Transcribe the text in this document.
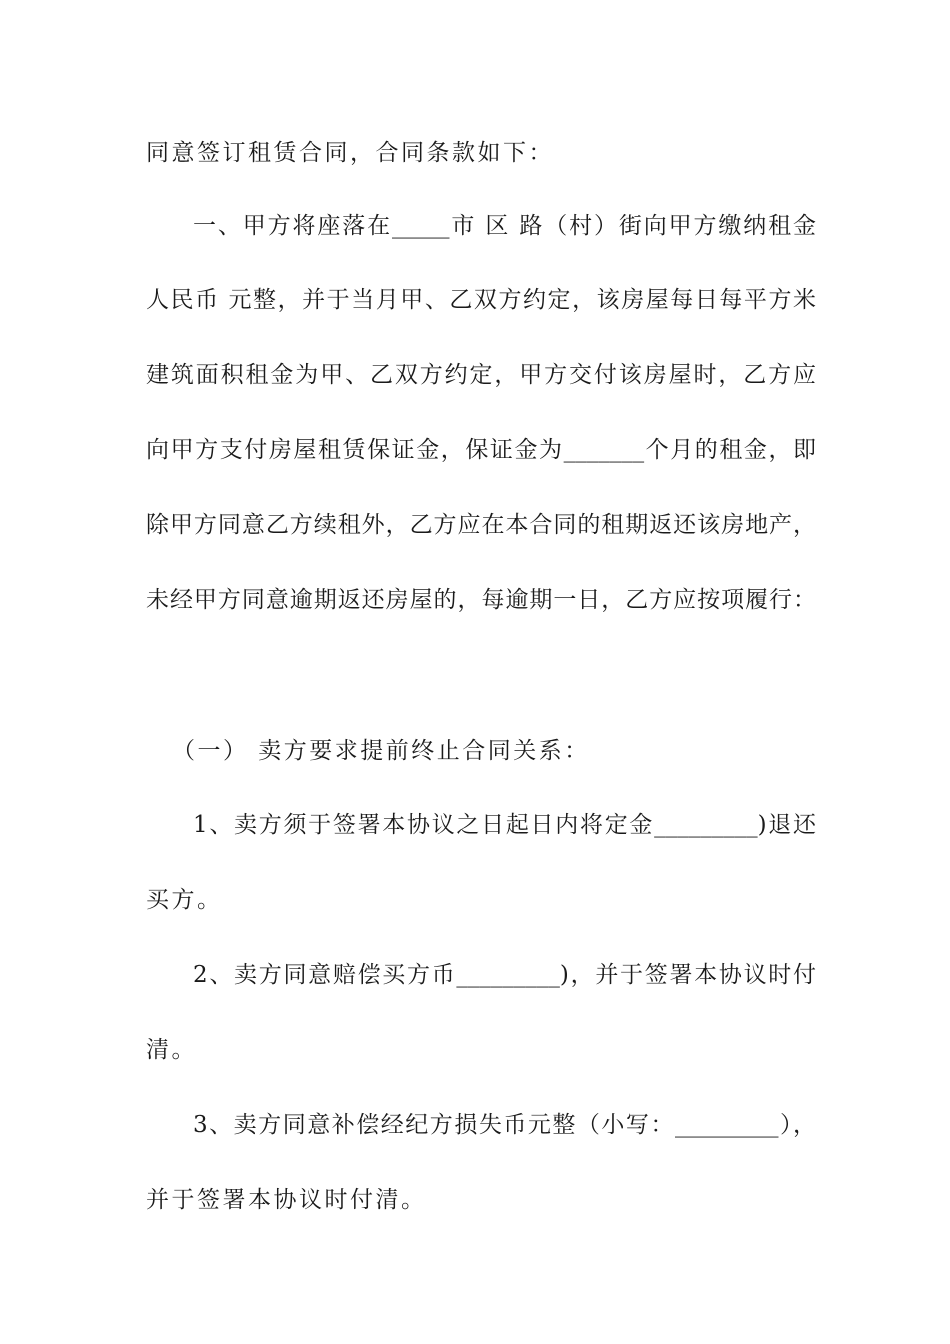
同意签订租赁合同，合同条款如下：

一、甲方将座落在_____市 区 路（村）街向甲方缴纳租金

人民币 元整，并于当月甲、乙双方约定，该房屋每日每平方米

建筑面积租金为甲、乙双方约定，甲方交付该房屋时，乙方应

向甲方支付房屋租赁保证金，保证金为_______个月的租金，即

除甲方同意乙方续租外，乙方应在本合同的租期返还该房地产，

未经甲方同意逾期返还房屋的，每逾期一日，乙方应按项履行：

（一） 卖方要求提前终止合同关系：

1、卖方须于签署本协议之日起日内将定金_________)退还

买方。

2、卖方同意赔偿买方币_________)，并于签署本协议时付

清。

3、卖方同意补偿经纪方损失币元整（小写：_________），

并于签署本协议时付清。
